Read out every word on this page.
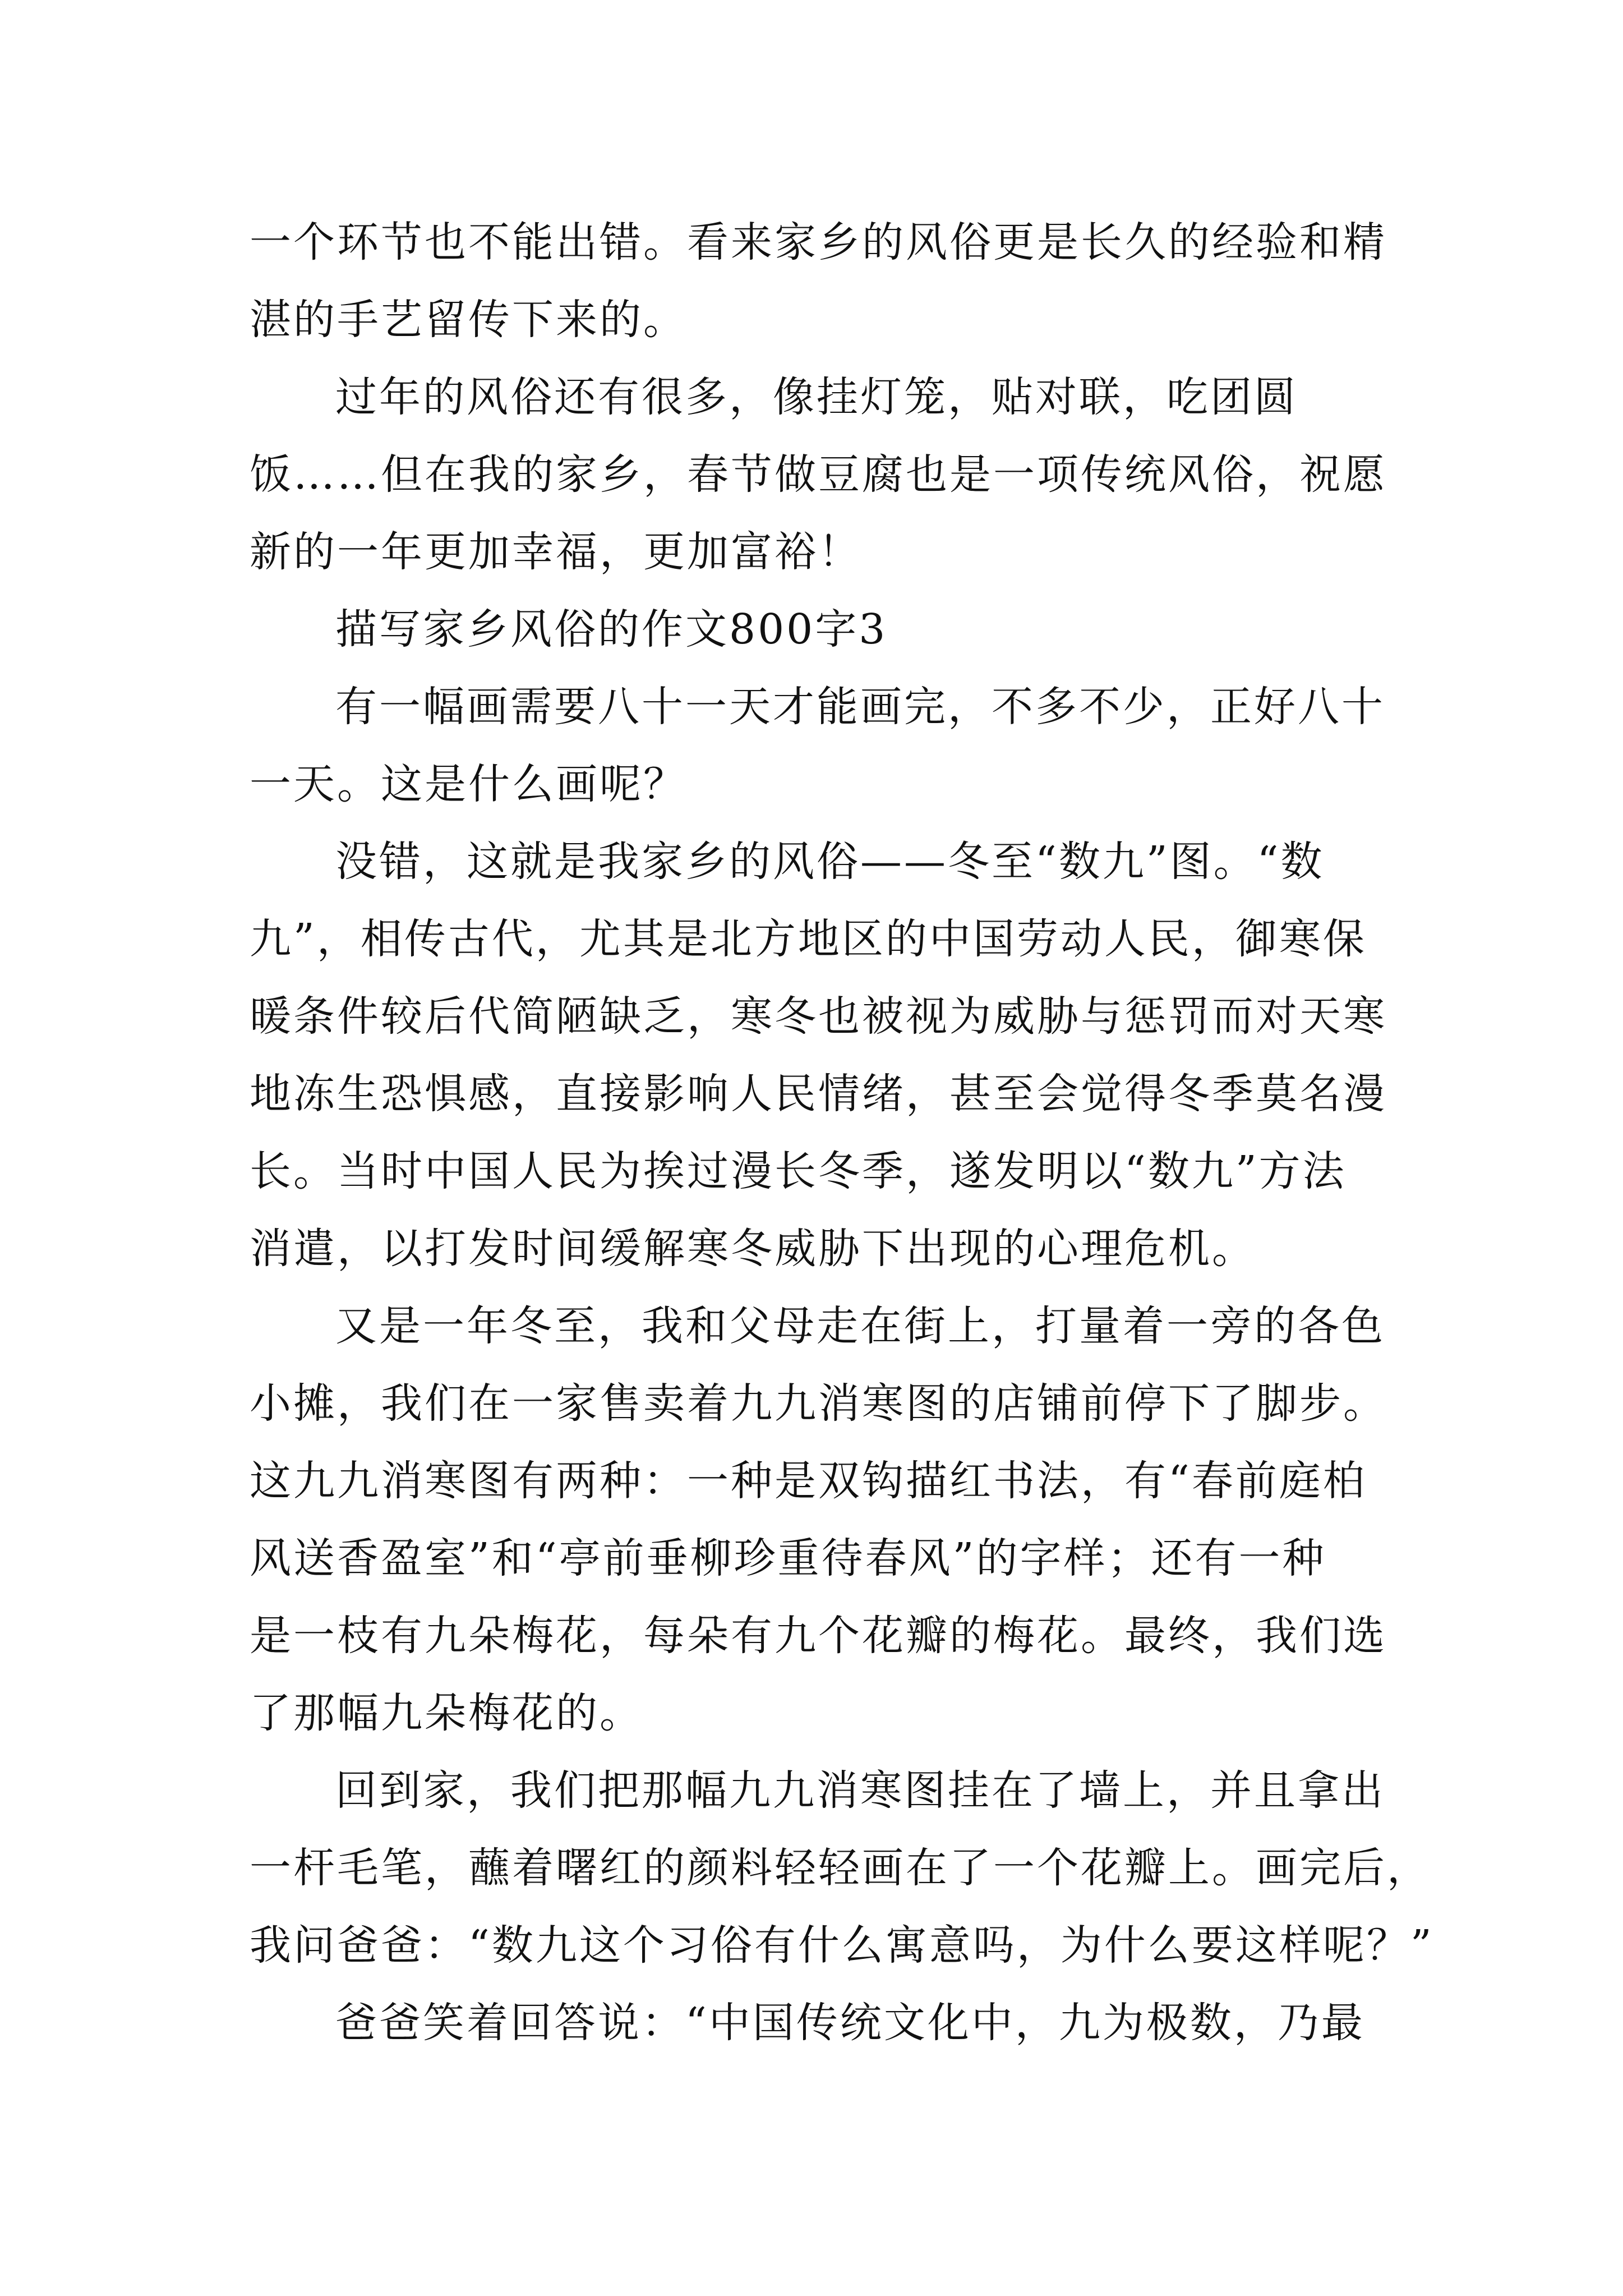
一个环节也不能出错。看来家乡的风俗更是长久的经验和精
湛的手艺留传下来的。
过年的风俗还有很多，像挂灯笼，贴对联，吃团圆
饭……但在我的家乡，春节做豆腐也是一项传统风俗，祝愿
新的一年更加幸福，更加富裕！
描写家乡风俗的作文800字3
有一幅画需要八十一天才能画完，不多不少，正好八十
一天。这是什么画呢？
没错，这就是我家乡的风俗——冬至“数九”图。“数
九”，相传古代，尤其是北方地区的中国劳动人民，御寒保
暖条件较后代简陋缺乏，寒冬也被视为威胁与惩罚而对天寒
地冻生恐惧感，直接影响人民情绪，甚至会觉得冬季莫名漫
长。当时中国人民为挨过漫长冬季，遂发明以“数九”方法
消遣，以打发时间缓解寒冬威胁下出现的心理危机。
又是一年冬至，我和父母走在街上，打量着一旁的各色
小摊，我们在一家售卖着九九消寒图的店铺前停下了脚步。
这九九消寒图有两种：一种是双钩描红书法，有“春前庭柏
风送香盈室”和“亭前垂柳珍重待春风”的字样；还有一种
是一枝有九朵梅花，每朵有九个花瓣的梅花。最终，我们选
了那幅九朵梅花的。
回到家，我们把那幅九九消寒图挂在了墙上，并且拿出
一杆毛笔，蘸着曙红的颜料轻轻画在了一个花瓣上。画完后，
我问爸爸：“数九这个习俗有什么寓意吗，为什么要这样呢？”
爸爸笑着回答说：“中国传统文化中，九为极数，乃最
